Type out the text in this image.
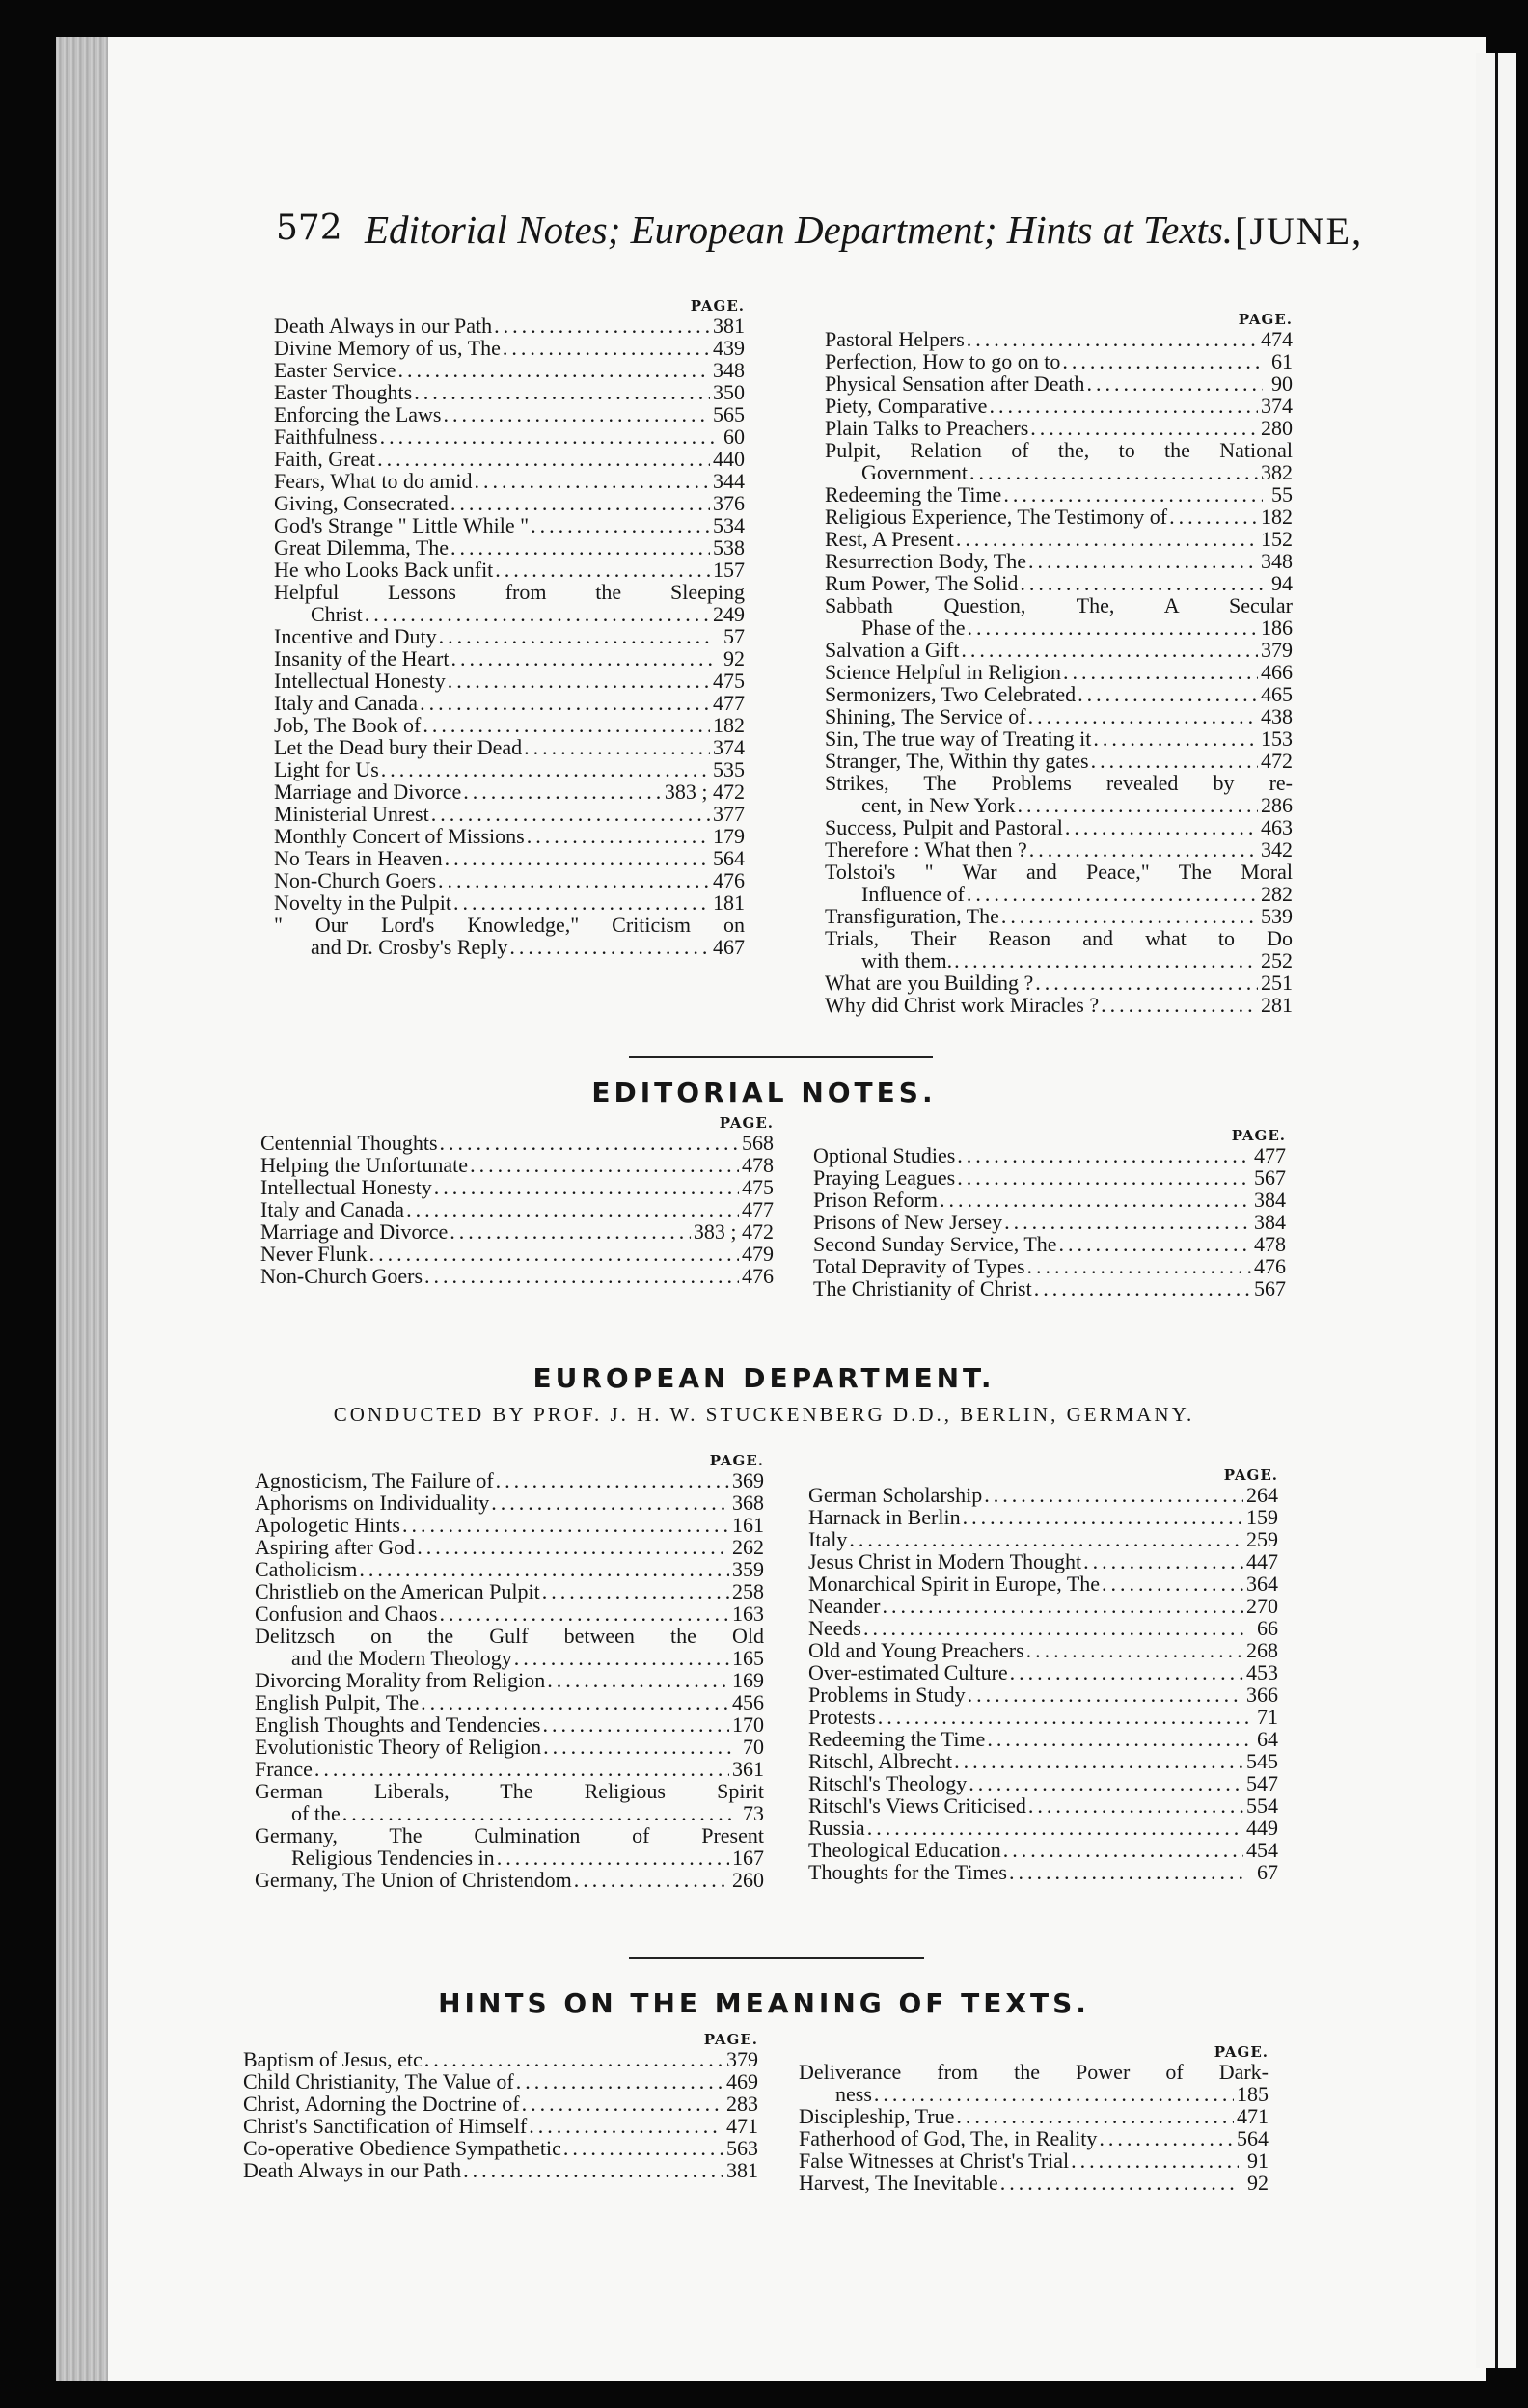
572 Editorial Notes; European Department; Hints at Texts. [JUNE,
PAGE.
Death Always in our Path .....	381
Divine Memory of us, The .....	439
Easter Service .....	348
Easter Thoughts .....	350
Enforcing the Laws .....	565
Faithfulness .....	60
Faith, Great .....	440
Fears, What to do amid .....	344
Giving, Consecrated .....	376
God's Strange " Little While " .....	534
Great Dilemma, The .....	538
He who Looks Back unfit .....	157
Helpful Lessons from the Sleeping
Christ .....	249
Incentive and Duty .....	57
Insanity of the Heart .....	92
Intellectual Honesty .....	475
Italy and Canada .....	477
Job, The Book of .....	182
Let the Dead bury their Dead .....	374
Light for Us .....	535
Marriage and Divorce .....	383 ; 472
Ministerial Unrest .....	377
Monthly Concert of Missions .....	179
No Tears in Heaven .....	564
Non-Church Goers .....	476
Novelty in the Pulpit .....	181
" Our Lord's Knowledge," Criticism on
and Dr. Crosby's Reply .....	467
PAGE.
Pastoral Helpers .....	474
Perfection, How to go on to .....	61
Physical Sensation after Death .....	90
Piety, Comparative .....	374
Plain Talks to Preachers .....	280
Pulpit, Relation of the, to the National
Government .....	382
Redeeming the Time .....	55
Religious Experience, The Testimony of .....	182
Rest, A Present .....	152
Resurrection Body, The .....	348
Rum Power, The Solid .....	94
Sabbath Question, The, A Secular
Phase of the .....	186
Salvation a Gift .....	379
Science Helpful in Religion .....	466
Sermonizers, Two Celebrated .....	465
Shining, The Service of .....	438
Sin, The true way of Treating it .....	153
Stranger, The, Within thy gates .....	472
Strikes, The Problems revealed by re-
cent, in New York .....	286
Success, Pulpit and Pastoral .....	463
Therefore : What then ? .....	342
Tolstoi's " War and Peace," The Moral
Influence of .....	282
Transfiguration, The .....	539
Trials, Their Reason and what to Do
with them. .....	252
What are you Building ? .....	251
Why did Christ work Miracles ? .....	281
EDITORIAL NOTES.
PAGE.
Centennial Thoughts .....	568
Helping the Unfortunate .....	478
Intellectual Honesty .....	475
Italy and Canada .....	477
Marriage and Divorce .....	383 ; 472
Never Flunk .....	479
Non-Church Goers .....	476
PAGE.
Optional Studies .....	477
Praying Leagues .....	567
Prison Reform .....	384
Prisons of New Jersey .....	384
Second Sunday Service, The .....	478
Total Depravity of Types .....	476
The Christianity of Christ .....	567
EUROPEAN DEPARTMENT.
CONDUCTED BY PROF. J. H. W. STUCKENBERG D.D., BERLIN, GERMANY.
PAGE.
Agnosticism, The Failure of .....	369
Aphorisms on Individuality .....	368
Apologetic Hints .....	161
Aspiring after God .....	262
Catholicism .....	359
Christlieb on the American Pulpit .....	258
Confusion and Chaos .....	163
Delitzsch on the Gulf between the Old
and the Modern Theology .....	165
Divorcing Morality from Religion .....	169
English Pulpit, The .....	456
English Thoughts and Tendencies .....	170
Evolutionistic Theory of Religion .....	70
France .....	361
German Liberals, The Religious Spirit
of the .....	73
Germany, The Culmination of Present
Religious Tendencies in .....	167
Germany, The Union of Christendom .....	260
PAGE.
German Scholarship .....	264
Harnack in Berlin .....	159
Italy .....	259
Jesus Christ in Modern Thought .....	447
Monarchical Spirit in Europe, The .....	364
Neander .....	270
Needs .....	66
Old and Young Preachers .....	268
Over-estimated Culture .....	453
Problems in Study .....	366
Protests .....	71
Redeeming the Time .....	64
Ritschl, Albrecht .....	545
Ritschl's Theology .....	547
Ritschl's Views Criticised .....	554
Russia .....	449
Theological Education .....	454
Thoughts for the Times .....	67
HINTS ON THE MEANING OF TEXTS.
PAGE.
Baptism of Jesus, etc .....	379
Child Christianity, The Value of .....	469
Christ, Adorning the Doctrine of .....	283
Christ's Sanctification of Himself .....	471
Co-operative Obedience Sympathetic .....	563
Death Always in our Path .....	381
PAGE.
Deliverance from the Power of Dark-
ness .....	185
Discipleship, True .....	471
Fatherhood of God, The, in Reality .....	564
False Witnesses at Christ's Trial .....	91
Harvest, The Inevitable .....	92
